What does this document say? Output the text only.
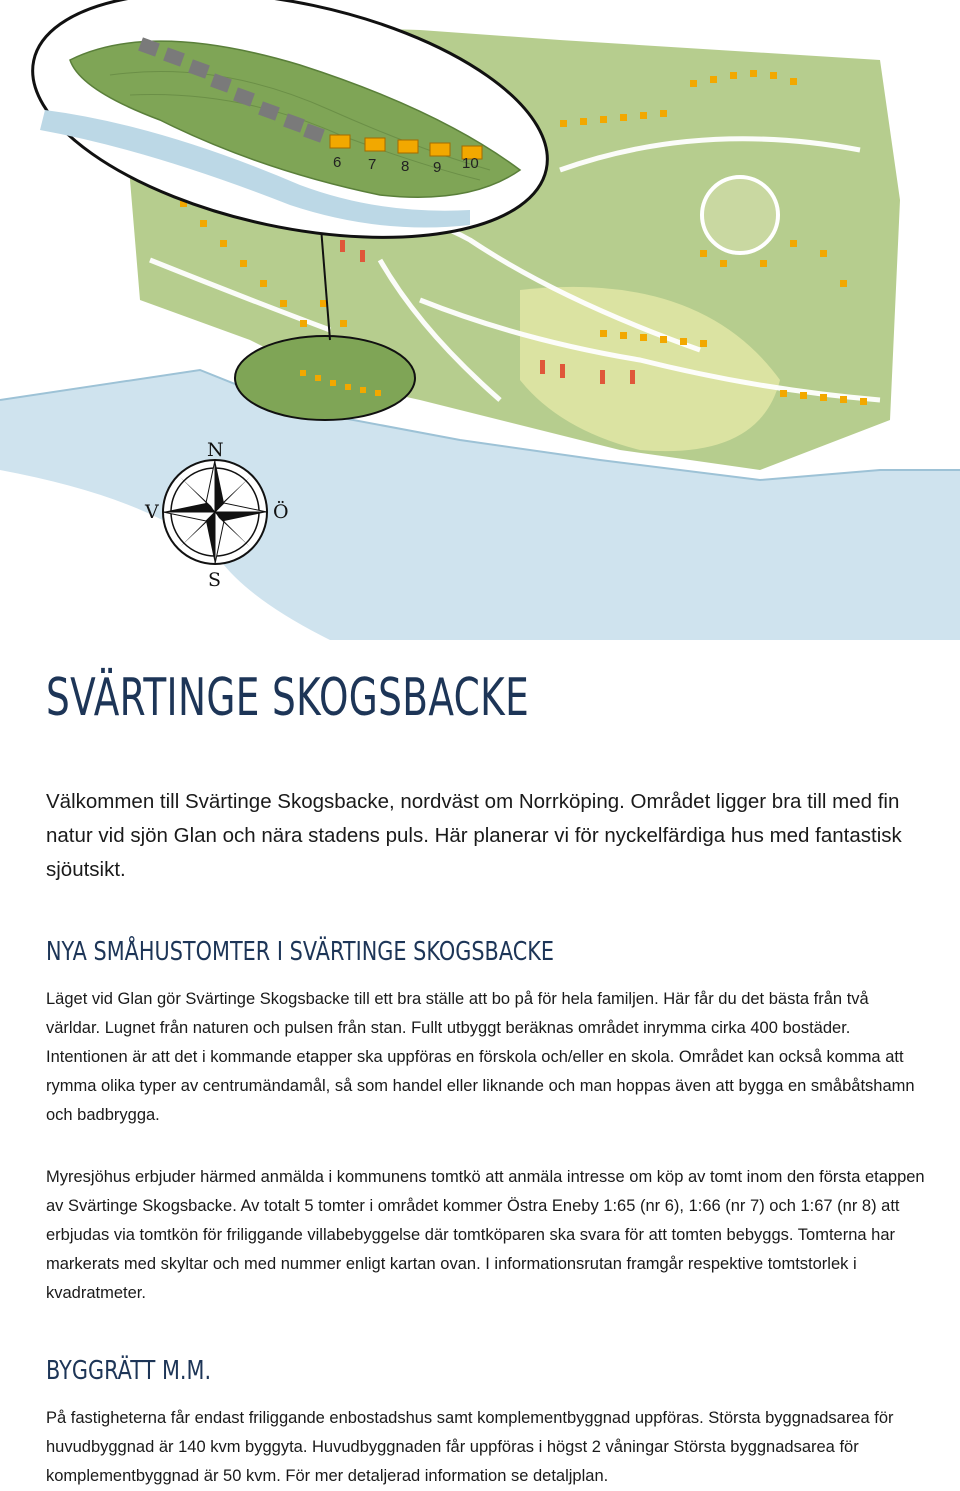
6 7 8 9 10
N
S
V	Ö
SVÄRTINGE SKOGSBACKE

Välkommen till Svärtinge Skogsbacke, nordväst om Norrköping. Området ligger bra till med fin natur vid sjön Glan och nära stadens puls. Här planerar vi för nyckelfärdiga hus med fantastisk sjöutsikt.

NYA SMÅHUSTOMTER I SVÄRTINGE SKOGSBACKE

Läget vid Glan gör Svärtinge Skogsbacke till ett bra ställe att bo på för hela familjen. Här får du det bästa från två världar. Lugnet från naturen och pulsen från stan. Fullt utbyggt beräknas området inrymma cirka 400 bostäder. Intentionen är att det i kommande etapper ska uppföras en förskola och/eller en skola. Området kan också komma att rymma olika typer av centrumändamål, så som handel eller liknande och man hoppas även att bygga en småbåtshamn och badbrygga.

Myresjöhus erbjuder härmed anmälda i kommunens tomtkö att anmäla intresse om köp av tomt inom den första etappen av Svärtinge Skogsbacke. Av totalt 5 tomter i området kommer Östra Eneby 1:65 (nr 6), 1:66 (nr 7) och 1:67 (nr 8) att erbjudas via tomtkön för friliggande villabebyggelse där tomtköparen ska svara för att tomten bebyggs. Tomterna har markerats med skyltar och med nummer enligt kartan ovan. I informationsrutan framgår respektive tomtstorlek i kvadratmeter.

BYGGRÄTT M.M.

På fastigheterna får endast friliggande enbostadshus samt komplementbyggnad uppföras. Största byggnadsarea för huvudbyggnad är 140 kvm byggyta. Huvudbyggnaden får uppföras i högst 2 våningar Största byggnadsarea för komplementbyggnad är 50 kvm. För mer detaljerad information se detaljplan.
